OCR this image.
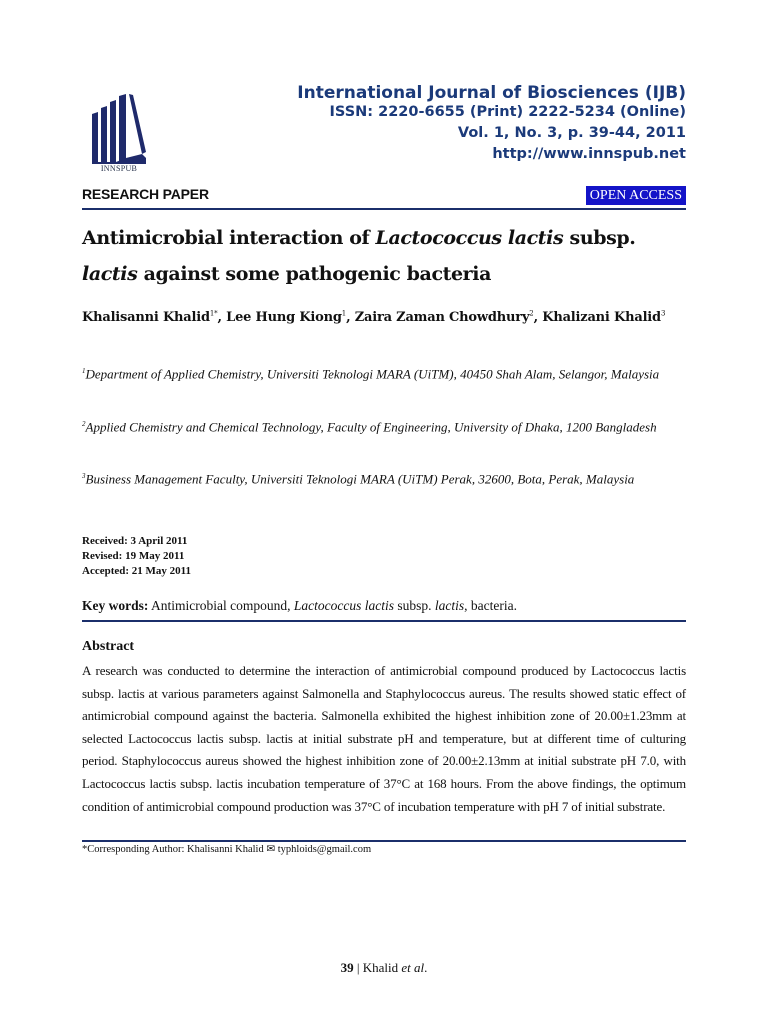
INNSPUB
International Journal of Biosciences (IJB)
ISSN: 2220-6655 (Print) 2222-5234 (Online)
Vol. 1, No. 3, p. 39-44, 2011
http://www.innspub.net
RESEARCH PAPER	OPEN ACCESS
Antimicrobial interaction of Lactococcus lactis subsp. lactis against some pathogenic bacteria
Khalisanni Khalid$^{1*}$, Lee Hung Kiong$^1$, Zaira Zaman Chowdhury$^2$, Khalizani Khalid$^3$
$^1$Department of Applied Chemistry, Universiti Teknologi MARA (UiTM), 40450 Shah Alam, Selangor, Malaysia
$^2$Applied Chemistry and Chemical Technology, Faculty of Engineering, University of Dhaka, 1200 Bangladesh
$^3$Business Management Faculty, Universiti Teknologi MARA (UiTM) Perak, 32600, Bota, Perak, Malaysia
Received: 3 April 2011
Revised: 19 May 2011
Accepted: 21 May 2011
Key words: Antimicrobial compound, Lactococcus lactis subsp. lactis, bacteria.
Abstract
A research was conducted to determine the interaction of antimicrobial compound produced by Lactococcus lactis subsp. lactis at various parameters against Salmonella and Staphylococcus aureus. The results showed static effect of antimicrobial compound against the bacteria. Salmonella exhibited the highest inhibition zone of 20.00±1.23mm at selected Lactococcus lactis subsp. lactis at initial substrate pH and temperature, but at different time of culturing period. Staphylococcus aureus showed the highest inhibition zone of 20.00±2.13mm at initial substrate pH 7.0, with Lactococcus lactis subsp. lactis incubation temperature of 37°C at 168 hours. From the above findings, the optimum condition of antimicrobial compound production was 37°C of incubation temperature with pH 7 of initial substrate.
*Corresponding Author: Khalisanni Khalid ✉ typhloids@gmail.com
39 | Khalid et al.
